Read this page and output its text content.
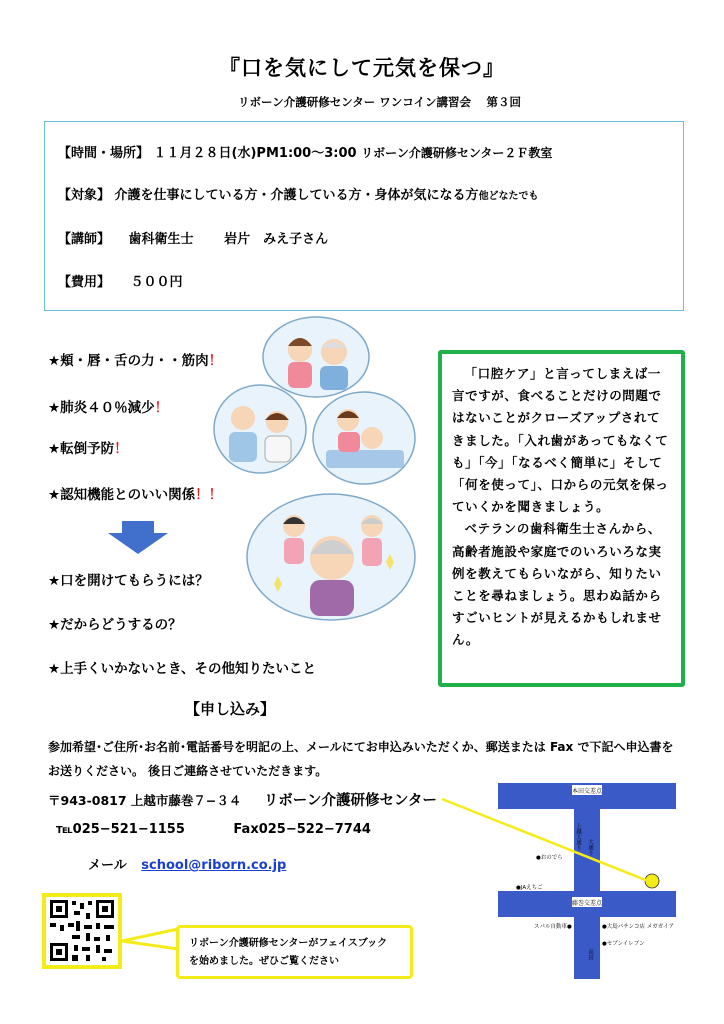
『口を気にして元気を保つ』
リボーン介護研修センター ワンコイン講習会　 第３回
【時間・場所】 １１月２８日(水)PM1:00～3:00 リボーン介護研修センター２Ｆ教室
【対象】 介護を仕事にしている方・介護している方・身体が気になる方他どなたでも
【講師】 歯科衛生士 岩片　みえ子さん
【費用】 ５００円
★頬・唇・舌の力・・筋肉！
★肺炎４０％減少！
★転倒予防！
★認知機能とのいい関係！！
★口を開けてもらうには？
★だからどうするの？
★上手くいかないとき、その他知りたいこと

「口腔ケア」と言ってしまえば一言ですが、食べることだけの問題ではないことがクローズアップされてきました。「入れ歯があってもなくても」「今」「なるべく簡単に」そして「何を使って」、口からの元気を保っていくかを聞きましょう。

ベテランの歯科衛生士さんから、高齢者施設や家庭でのいろいろな実例を教えてもらいながら、知りたいことを尋ねましょう。思わぬ話からすごいヒントが見えるかもしれません。

【申し込み】
参加希望･ご住所･お名前･電話番号を明記の上、メールにてお申込みいただくか、郵送または Fax で下記へ申込書をお送りください。 後日ご連絡させていただきます。
〒943-0817 上越市藤巻７−３４ リボーン介護研修センター
℡025−521−1155	Fax025−522−7744
メール school@riborn.co.jp
リボーン介護研修センターがフェイスブック
を始めました。ぜひご覧ください
本田交差点
藤巻交差点
上越大通り 大通り
高田
●おのでら
●JAえちご
スバル自動車●	●大島パチンコ店 メガガイア
●セブンイレブン
